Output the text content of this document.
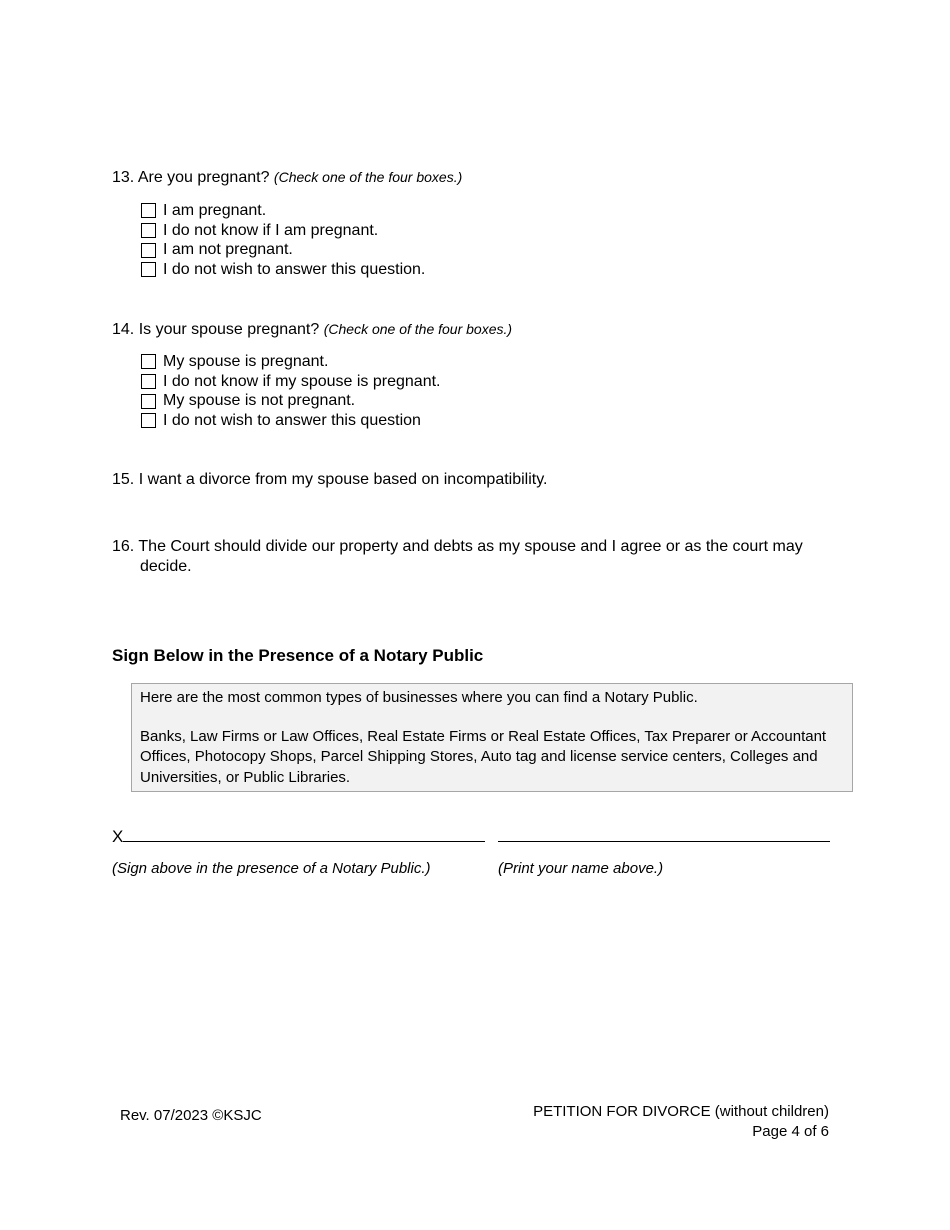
13. Are you pregnant? (Check one of the four boxes.)
I am pregnant.
I do not know if I am pregnant.
I am not pregnant.
I do not wish to answer this question.
14. Is your spouse pregnant? (Check one of the four boxes.)
My spouse is pregnant.
I do not know if my spouse is pregnant.
My spouse is not pregnant.
I do not wish to answer this question
15. I want a divorce from my spouse based on incompatibility.
16. The Court should divide our property and debts as my spouse and I agree or as the court may decide.
Sign Below in the Presence of a Notary Public

Here are the most common types of businesses where you can find a Notary Public.

Banks, Law Firms or Law Offices, Real Estate Firms or Real Estate Offices, Tax Preparer or Accountant Offices, Photocopy Shops, Parcel Shipping Stores, Auto tag and license service centers, Colleges and Universities, or Public Libraries.

X
(Sign above in the presence of a Notary Public.)	(Print your name above.)
Rev. 07/2023 ©KSJC	PETITION FOR DIVORCE (without children)
Page 4 of 6
